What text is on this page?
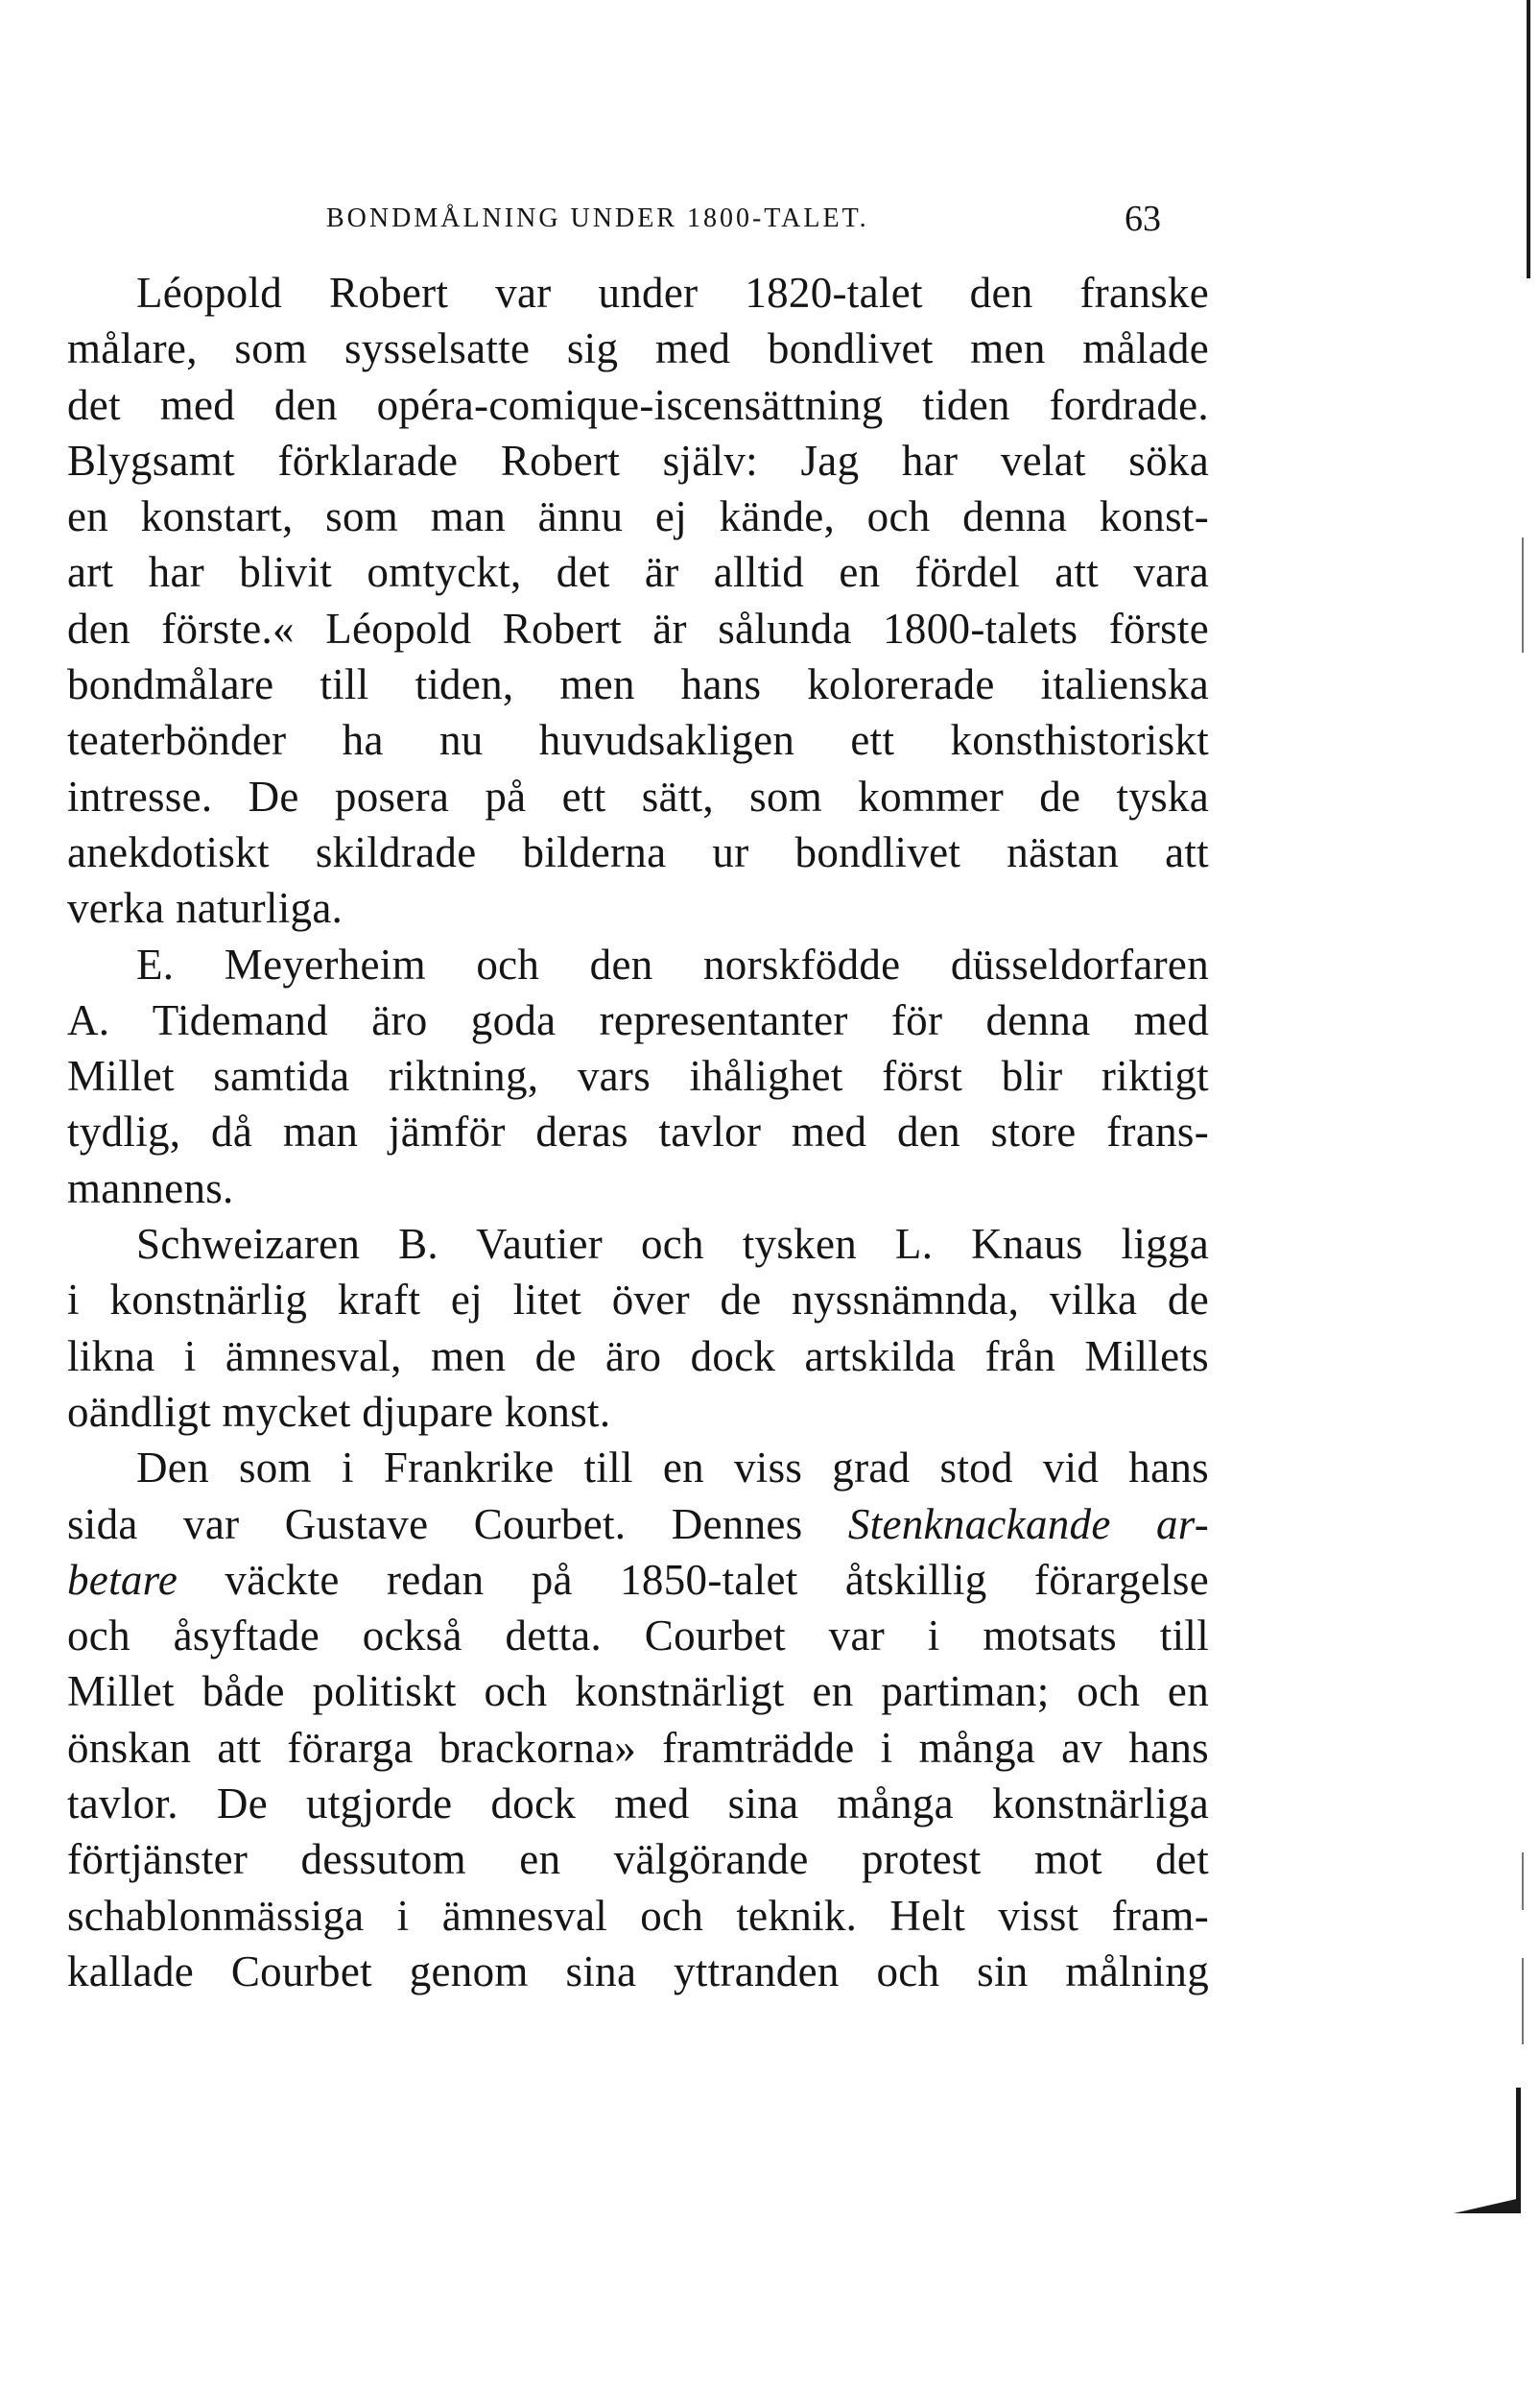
BONDMÅLNING UNDER 1800-TALET.	63
Léopold Robert var under 1820-talet den franske
målare, som sysselsatte sig med bondlivet men målade
det med den opéra-comique-iscensättning tiden fordrade.
Blygsamt förklarade Robert själv: Jag har velat söka
en konstart, som man ännu ej kände, och denna konst-
art har blivit omtyckt, det är alltid en fördel att vara
den förste.« Léopold Robert är sålunda 1800-talets förste
bondmålare till tiden, men hans kolorerade italienska
teaterbönder ha nu huvudsakligen ett konsthistoriskt
intresse. De posera på ett sätt, som kommer de tyska
anekdotiskt skildrade bilderna ur bondlivet nästan att
verka naturliga.
E. Meyerheim och den norskfödde düsseldorfaren
A. Tidemand äro goda representanter för denna med
Millet samtida riktning, vars ihålighet först blir riktigt
tydlig, då man jämför deras tavlor med den store frans-
mannens.
Schweizaren B. Vautier och tysken L. Knaus ligga
i konstnärlig kraft ej litet över de nyssnämnda, vilka de
likna i ämnesval, men de äro dock artskilda från Millets
oändligt mycket djupare konst.
Den som i Frankrike till en viss grad stod vid hans
sida var Gustave Courbet. Dennes Stenknackande ar-
betare väckte redan på 1850-talet åtskillig förargelse
och åsyftade också detta. Courbet var i motsats till
Millet både politiskt och konstnärligt en partiman; och en
önskan att förarga brackorna» framträdde i många av hans
tavlor. De utgjorde dock med sina många konstnärliga
förtjänster dessutom en välgörande protest mot det
schablonmässiga i ämnesval och teknik. Helt visst fram-
kallade Courbet genom sina yttranden och sin målning
